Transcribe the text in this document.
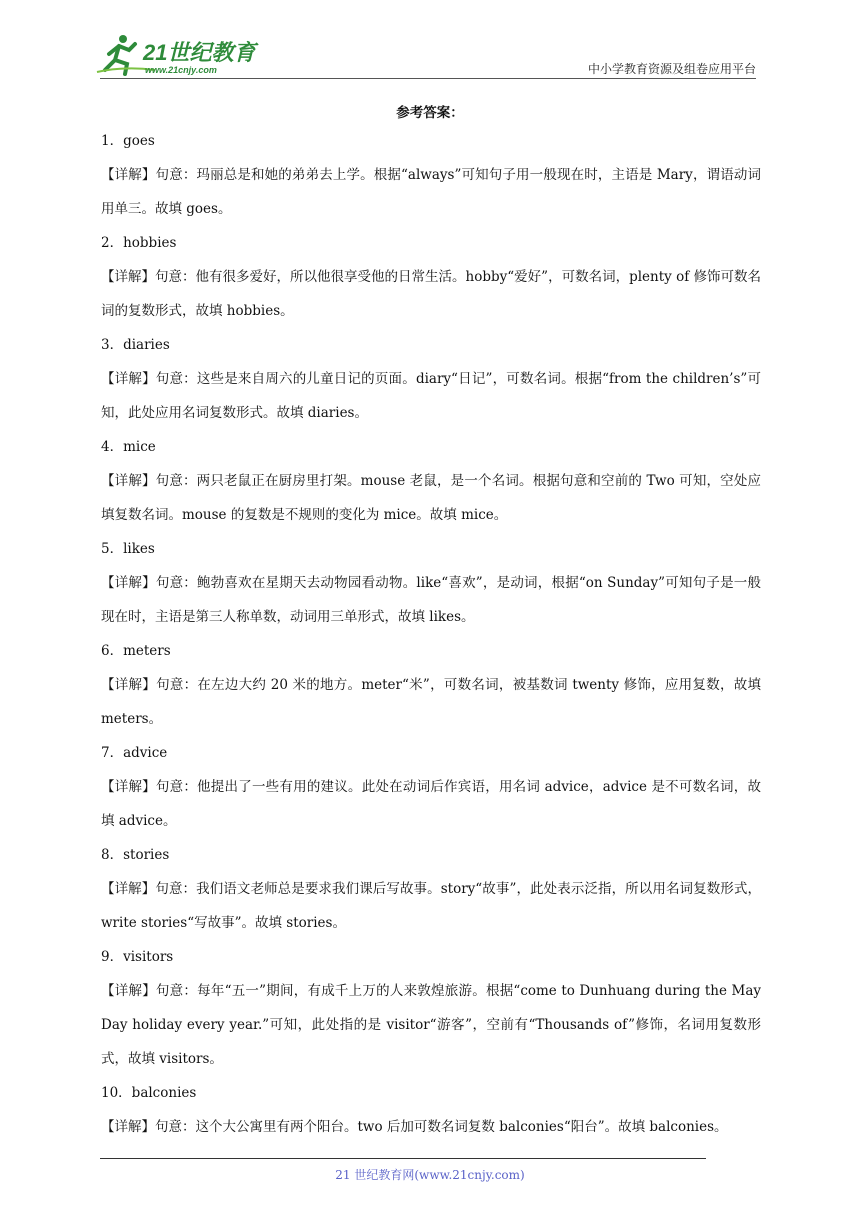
21世纪教育
www.21cnjy.com	中小学教育资源及组卷应用平台
参考答案：

1．goes

【详解】句意：玛丽总是和她的弟弟去上学。根据“always”可知句子用一般现在时，主语是 Mary，谓语动词用单三。故填 goes。

2．hobbies

【详解】句意：他有很多爱好，所以他很享受他的日常生活。hobby“爱好”，可数名词，plenty of 修饰可数名词的复数形式，故填 hobbies。

3．diaries

【详解】句意：这些是来自周六的儿童日记的页面。diary“日记”，可数名词。根据“from the children’s”可知，此处应用名词复数形式。故填 diaries。

4．mice

【详解】句意：两只老鼠正在厨房里打架。mouse 老鼠，是一个名词。根据句意和空前的 Two 可知，空处应填复数名词。mouse 的复数是不规则的变化为 mice。故填 mice。

5．likes

【详解】句意：鲍勃喜欢在星期天去动物园看动物。like“喜欢”，是动词，根据“on Sunday”可知句子是一般现在时，主语是第三人称单数，动词用三单形式，故填 likes。

6．meters

【详解】句意：在左边大约 20 米的地方。meter“米”，可数名词，被基数词 twenty 修饰，应用复数，故填 meters。

7．advice

【详解】句意：他提出了一些有用的建议。此处在动词后作宾语，用名词 advice，advice 是不可数名词，故填 advice。

8．stories

【详解】句意：我们语文老师总是要求我们课后写故事。story“故事”，此处表示泛指，所以用名词复数形式，write stories“写故事”。故填 stories。

9．visitors

【详解】句意：每年“五一”期间，有成千上万的人来敦煌旅游。根据“come to Dunhuang during the May Day holiday every year.”可知，此处指的是 visitor“游客”，空前有“Thousands of”修饰，名词用复数形式，故填 visitors。

10．balconies

【详解】句意：这个大公寓里有两个阳台。two 后加可数名词复数 balconies“阳台”。故填 balconies。

21 世纪教育网(www.21cnjy.com)
